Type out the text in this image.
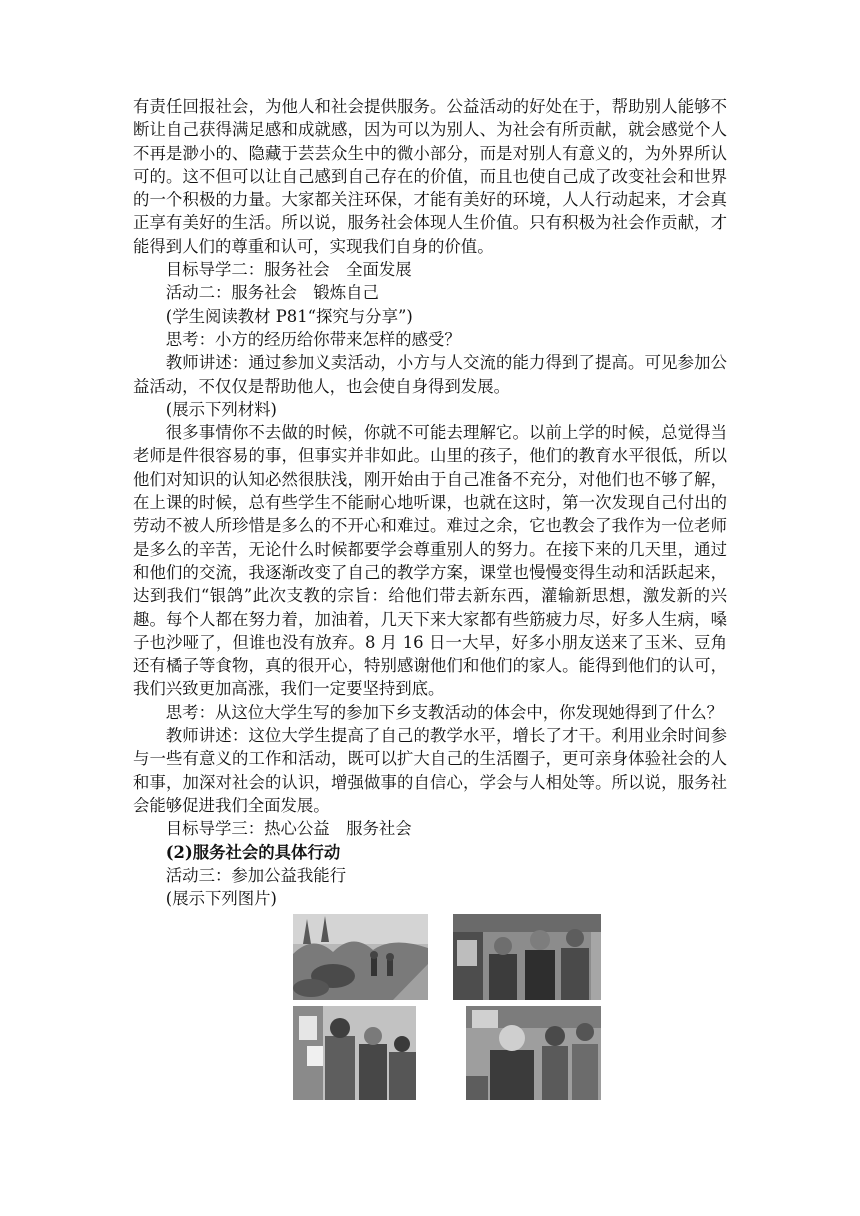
有责任回报社会，为他人和社会提供服务。公益活动的好处在于，帮助别人能够不断让自己获得满足感和成就感，因为可以为别人、为社会有所贡献，就会感觉个人不再是渺小的、隐藏于芸芸众生中的微小部分，而是对别人有意义的，为外界所认可的。这不但可以让自己感到自己存在的价值，而且也使自己成了改变社会和世界的一个积极的力量。大家都关注环保，才能有美好的环境，人人行动起来，才会真正享有美好的生活。所以说，服务社会体现人生价值。只有积极为社会作贡献，才能得到人们的尊重和认可，实现我们自身的价值。

目标导学二：服务社会　全面发展

活动二：服务社会　锻炼自己

(学生阅读教材 P81“探究与分享”)

思考：小方的经历给你带来怎样的感受？

教师讲述：通过参加义卖活动，小方与人交流的能力得到了提高。可见参加公益活动，不仅仅是帮助他人，也会使自身得到发展。

(展示下列材料)

很多事情你不去做的时候，你就不可能去理解它。以前上学的时候，总觉得当老师是件很容易的事，但事实并非如此。山里的孩子，他们的教育水平很低，所以他们对知识的认知必然很肤浅，刚开始由于自己准备不充分，对他们也不够了解，在上课的时候，总有些学生不能耐心地听课，也就在这时，第一次发现自己付出的劳动不被人所珍惜是多么的不开心和难过。难过之余，它也教会了我作为一位老师是多么的辛苦，无论什么时候都要学会尊重别人的努力。在接下来的几天里，通过和他们的交流，我逐渐改变了自己的教学方案，课堂也慢慢变得生动和活跃起来，达到我们“银鸽”此次支教的宗旨：给他们带去新东西，灌输新思想，激发新的兴趣。每个人都在努力着，加油着，几天下来大家都有些筋疲力尽，好多人生病，嗓子也沙哑了，但谁也没有放弃。8 月 16 日一大早，好多小朋友送来了玉米、豆角还有橘子等食物，真的很开心，特别感谢他们和他们的家人。能得到他们的认可，我们兴致更加高涨，我们一定要坚持到底。

思考：从这位大学生写的参加下乡支教活动的体会中，你发现她得到了什么？

教师讲述：这位大学生提高了自己的教学水平，增长了才干。利用业余时间参与一些有意义的工作和活动，既可以扩大自己的生活圈子，更可亲身体验社会的人和事，加深对社会的认识，增强做事的自信心，学会与人相处等。所以说，服务社会能够促进我们全面发展。

目标导学三：热心公益　服务社会

(2)服务社会的具体行动

活动三：参加公益我能行

(展示下列图片)
